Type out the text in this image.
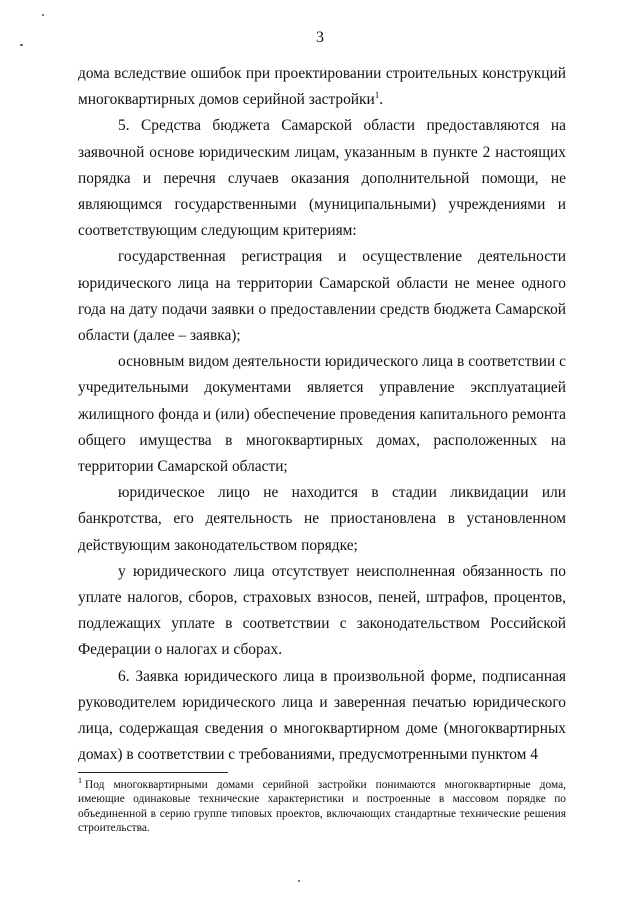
3

дома вследствие ошибок при проектировании строительных конструкций многоквартирных домов серийной застройки$^1$.

5. Средства бюджета Самарской области предоставляются на заявочной основе юридическим лицам, указанным в пункте 2 настоящих порядка и перечня случаев оказания дополнительной помощи, не являющимся государственными (муниципальными) учреждениями и соответствующим следующим критериям:

государственная регистрация и осуществление деятельности юридического лица на территории Самарской области не менее одного года на дату подачи заявки о предоставлении средств бюджета Самарской области (далее – заявка);

основным видом деятельности юридического лица в соответствии с учредительными документами является управление эксплуатацией жилищного фонда и (или) обеспечение проведения капитального ремонта общего имущества в многоквартирных домах, расположенных на территории Самарской области;

юридическое лицо не находится в стадии ликвидации или банкротства, его деятельность не приостановлена в установленном действующим законодательством порядке;

у юридического лица отсутствует неисполненная обязанность по уплате налогов, сборов, страховых взносов, пеней, штрафов, процентов, подлежащих уплате в соответствии с законодательством Российской Федерации о налогах и сборах.

6. Заявка юридического лица в произвольной форме, подписанная руководителем юридического лица и заверенная печатью юридического лица, содержащая сведения о многоквартирном доме (многоквартирных домах) в соответствии с требованиями, предусмотренными пунктом 4

$^1$ Под многоквартирными домами серийной застройки понимаются многоквартирные дома, имеющие одинаковые технические характеристики и построенные в массовом порядке по объединенной в серию группе типовых проектов, включающих стандартные технические решения строительства.
